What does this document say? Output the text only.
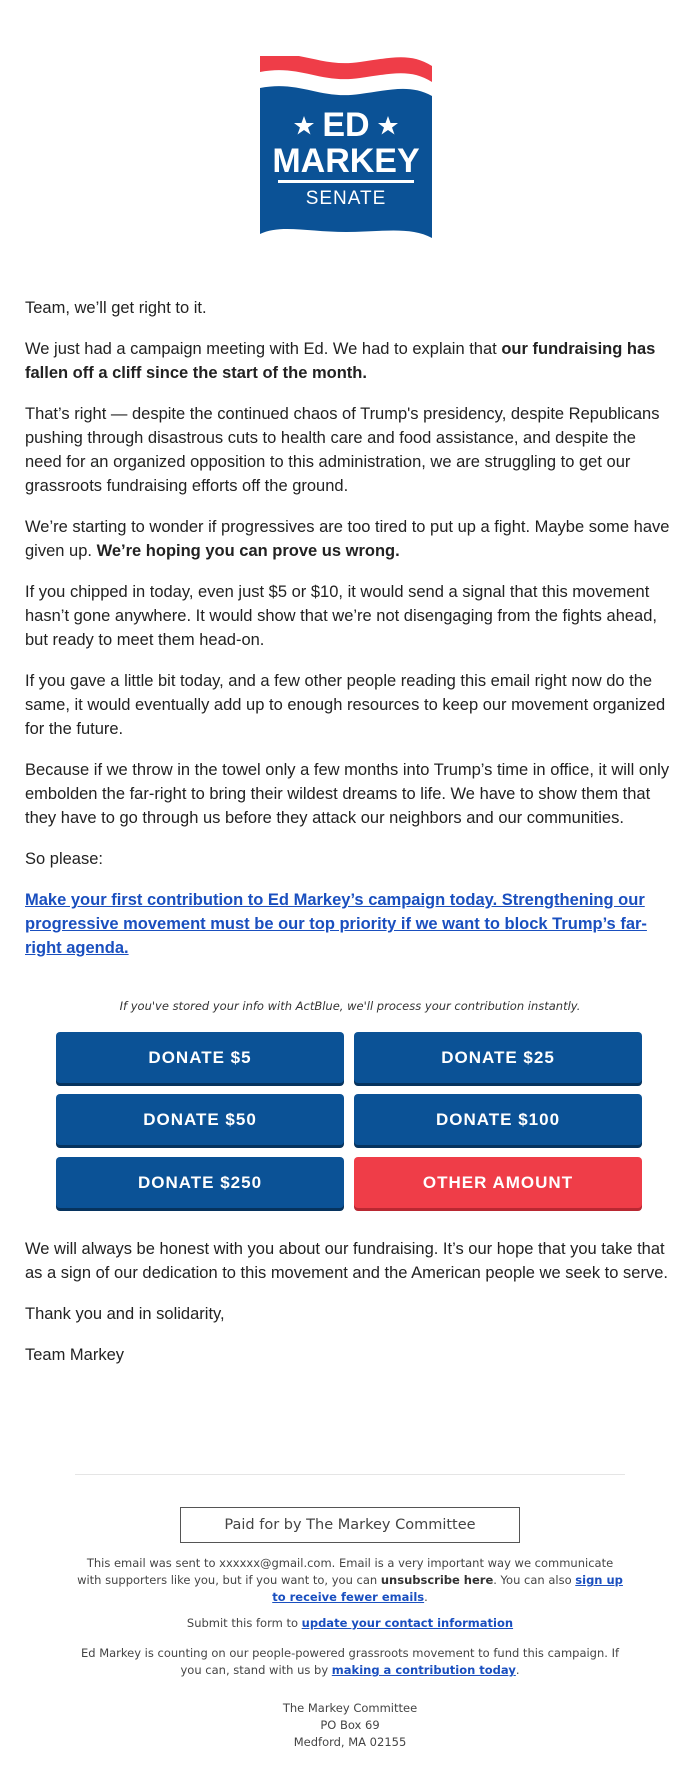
ED
MARKEY
SENATE

Team, we’ll get right to it.

We just had a campaign meeting with Ed. We had to explain that our fundraising has fallen off a cliff since the start of the month.

That’s right — despite the continued chaos of Trump's presidency, despite Republicans pushing through disastrous cuts to health care and food assistance, and despite the need for an organized opposition to this administration, we are struggling to get our grassroots fundraising efforts off the ground.

We’re starting to wonder if progressives are too tired to put up a fight. Maybe some have given up. We’re hoping you can prove us wrong.

If you chipped in today, even just $5 or $10, it would send a signal that this movement hasn’t gone anywhere. It would show that we’re not disengaging from the fights ahead, but ready to meet them head-on.

If you gave a little bit today, and a few other people reading this email right now do the same, it would eventually add up to enough resources to keep our movement organized for the future.

Because if we throw in the towel only a few months into Trump’s time in office, it will only embolden the far-right to bring their wildest dreams to life. We have to show them that they have to go through us before they attack our neighbors and our communities.

So please:

Make your first contribution to Ed Markey’s campaign today. Strengthening our progressive movement must be our top priority if we want to block Trump’s far-right agenda.

If you've stored your info with ActBlue, we'll process your contribution instantly.
DONATE $5	DONATE $25
DONATE $50	DONATE $100
DONATE $250	OTHER AMOUNT

We will always be honest with you about our fundraising. It’s our hope that you take that as a sign of our dedication to this movement and the American people we seek to serve.

Thank you and in solidarity,

Team Markey

Paid for by The Markey Committee
This email was sent to xxxxxx@gmail.com. Email is a very important way we communicate with supporters like you, but if you want to, you can unsubscribe here. You can also sign up to receive fewer emails.
Submit this form to update your contact information
Ed Markey is counting on our people-powered grassroots movement to fund this campaign. If you can, stand with us by making a contribution today.
The Markey Committee
PO Box 69
Medford, MA 02155
